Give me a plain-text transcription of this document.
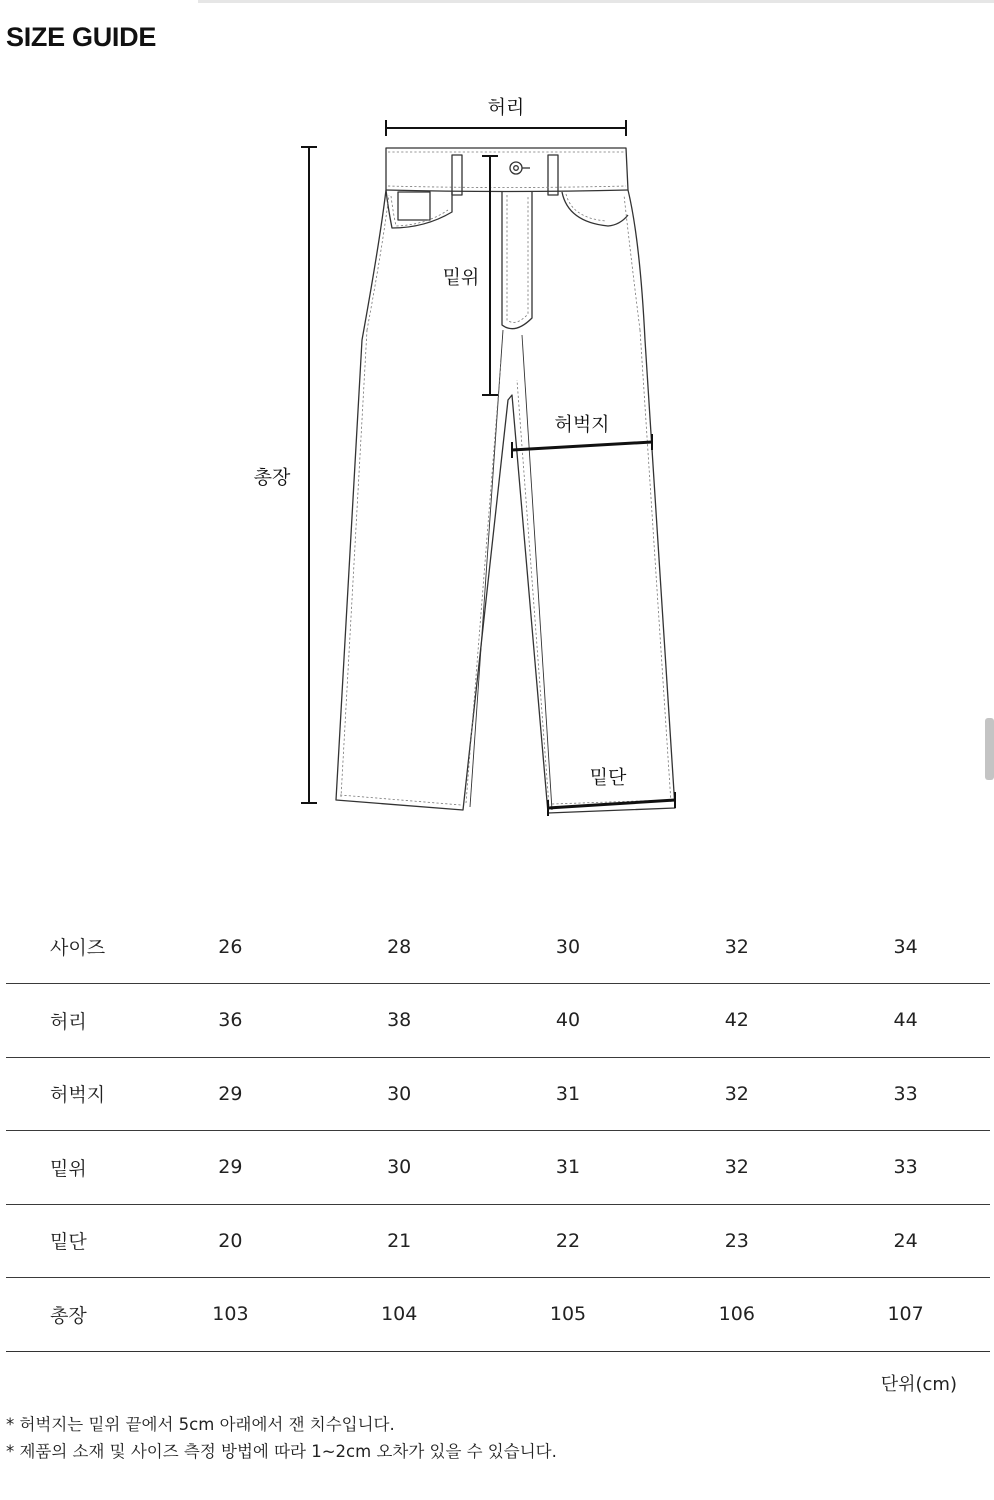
SIZE GUIDE
허리
밑위
허벅지
총장
밑단
사이즈	26	28	30	32	34
허리	36	38	40	42	44
허벅지	29	30	31	32	33
밑위	29	30	31	32	33
밑단	20	21	22	23	24
총장	103	104	105	106	107
단위(cm)
* 허벅지는 밑위 끝에서 5cm 아래에서 잰 치수입니다.
* 제품의 소재 및 사이즈 측정 방법에 따라 1~2cm 오차가 있을 수 있습니다.
